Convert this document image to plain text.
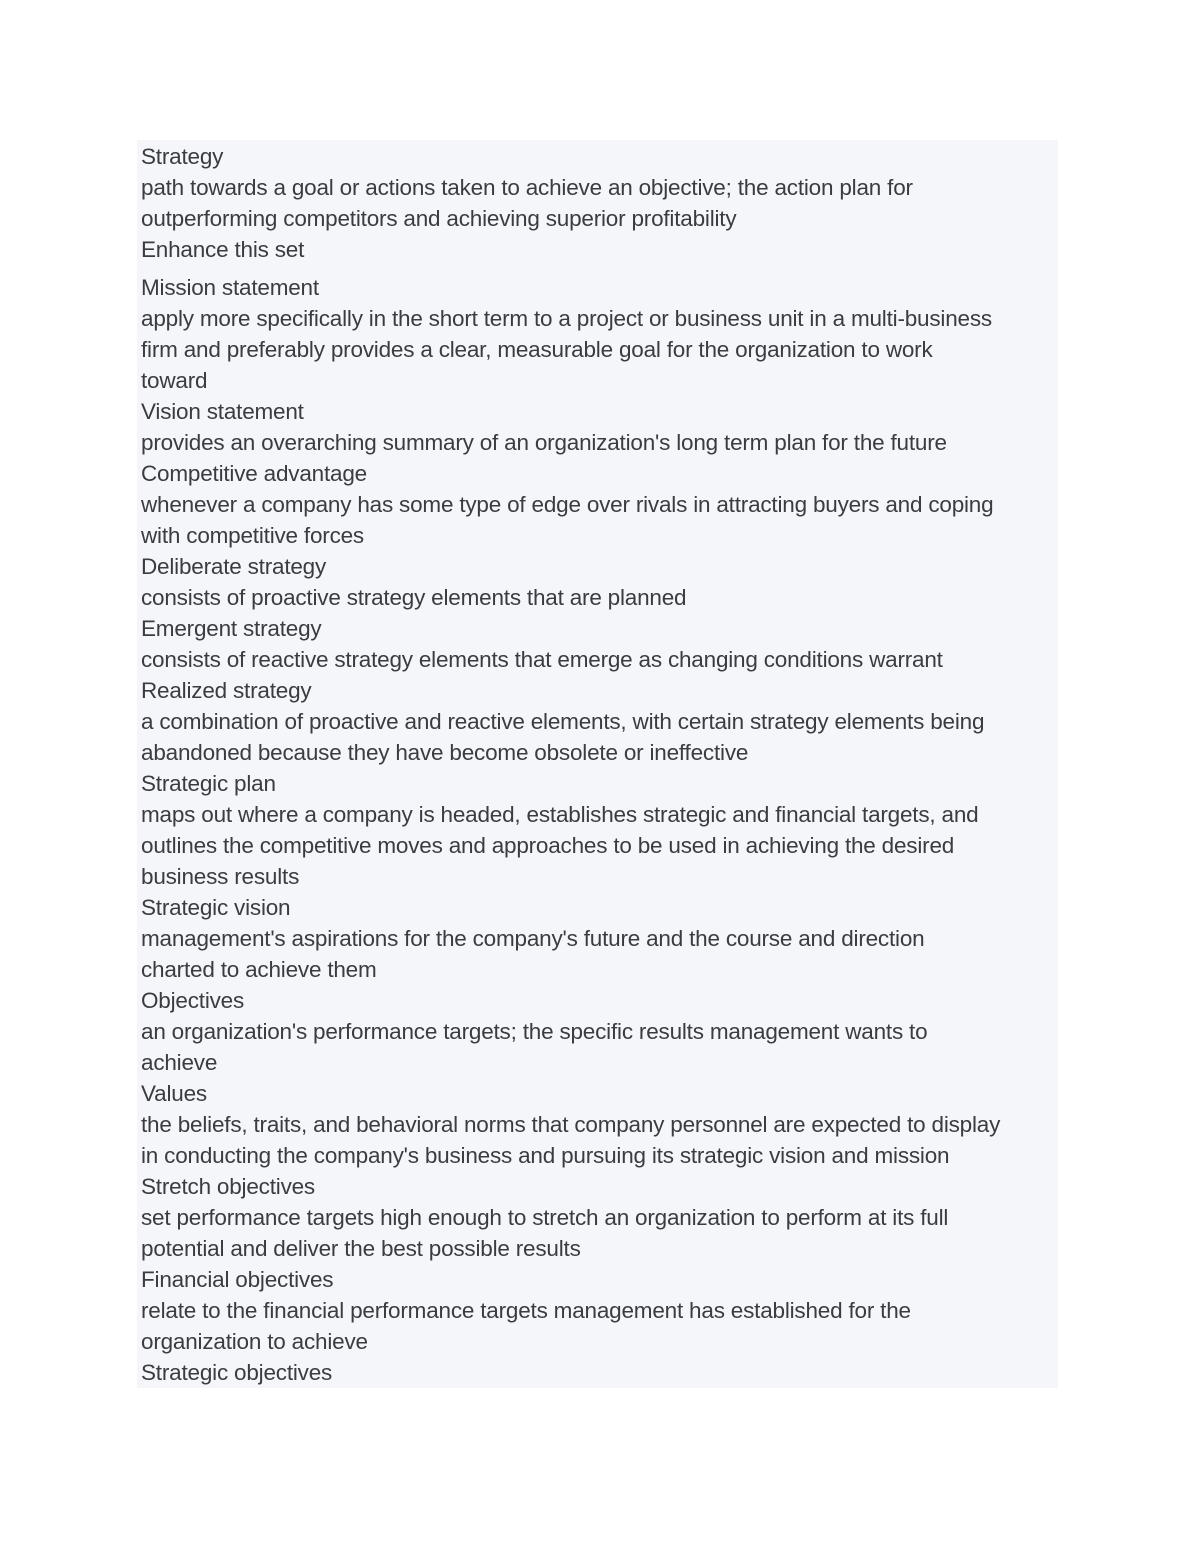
Strategy
path towards a goal or actions taken to achieve an objective; the action plan for
outperforming competitors and achieving superior profitability
Enhance this set
Mission statement
apply more specifically in the short term to a project or business unit in a multi-business
firm and preferably provides a clear, measurable goal for the organization to work
toward
Vision statement
provides an overarching summary of an organization's long term plan for the future
Competitive advantage
whenever a company has some type of edge over rivals in attracting buyers and coping
with competitive forces
Deliberate strategy
consists of proactive strategy elements that are planned
Emergent strategy
consists of reactive strategy elements that emerge as changing conditions warrant
Realized strategy
a combination of proactive and reactive elements, with certain strategy elements being
abandoned because they have become obsolete or ineffective
Strategic plan
maps out where a company is headed, establishes strategic and financial targets, and
outlines the competitive moves and approaches to be used in achieving the desired
business results
Strategic vision
management's aspirations for the company's future and the course and direction
charted to achieve them
Objectives
an organization's performance targets; the specific results management wants to
achieve
Values
the beliefs, traits, and behavioral norms that company personnel are expected to display
in conducting the company's business and pursuing its strategic vision and mission
Stretch objectives
set performance targets high enough to stretch an organization to perform at its full
potential and deliver the best possible results
Financial objectives
relate to the financial performance targets management has established for the
organization to achieve
Strategic objectives
